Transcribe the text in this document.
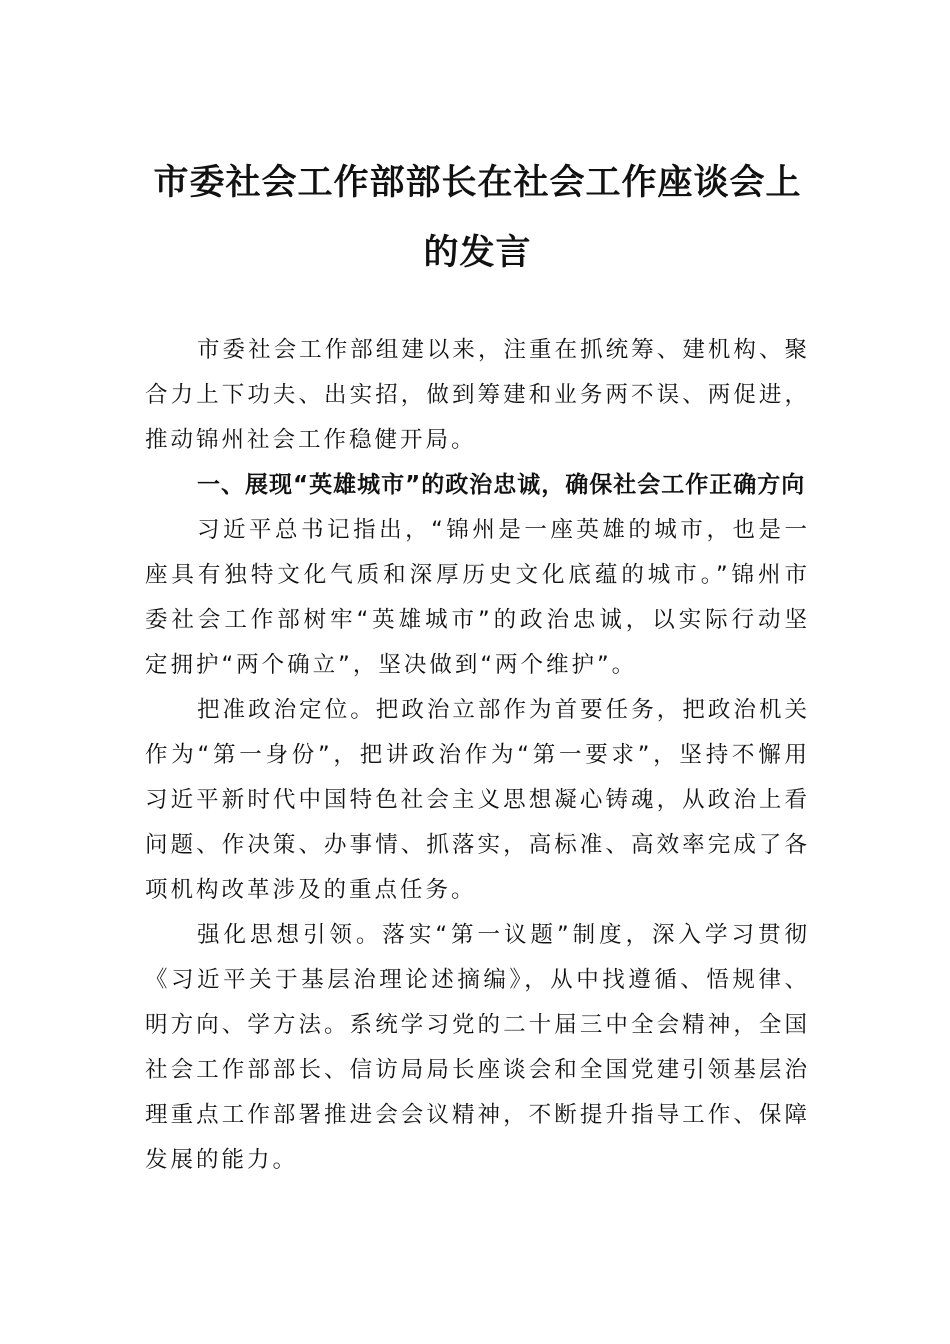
市委社会工作部部长在社会工作座谈会上
的发言

市委社会工作部组建以来，注重在抓统筹、建机构、聚合力上下功夫、出实招，做到筹建和业务两不误、两促进，推动锦州社会工作稳健开局。

一、展现“英雄城市”的政治忠诚，确保社会工作正确方向

习近平总书记指出，“锦州是一座英雄的城市，也是一座具有独特文化气质和深厚历史文化底蕴的城市。”锦州市委社会工作部树牢“英雄城市”的政治忠诚，以实际行动坚定拥护“两个确立”，坚决做到“两个维护”。

把准政治定位。把政治立部作为首要任务，把政治机关作为“第一身份”，把讲政治作为“第一要求”，坚持不懈用习近平新时代中国特色社会主义思想凝心铸魂，从政治上看问题、作决策、办事情、抓落实，高标准、高效率完成了各项机构改革涉及的重点任务。

强化思想引领。落实“第一议题”制度，深入学习贯彻《习近平关于基层治理论述摘编》，从中找遵循、悟规律、明方向、学方法。系统学习党的二十届三中全会精神，全国社会工作部部长、信访局局长座谈会和全国党建引领基层治理重点工作部署推进会会议精神，不断提升指导工作、保障发展的能力。
